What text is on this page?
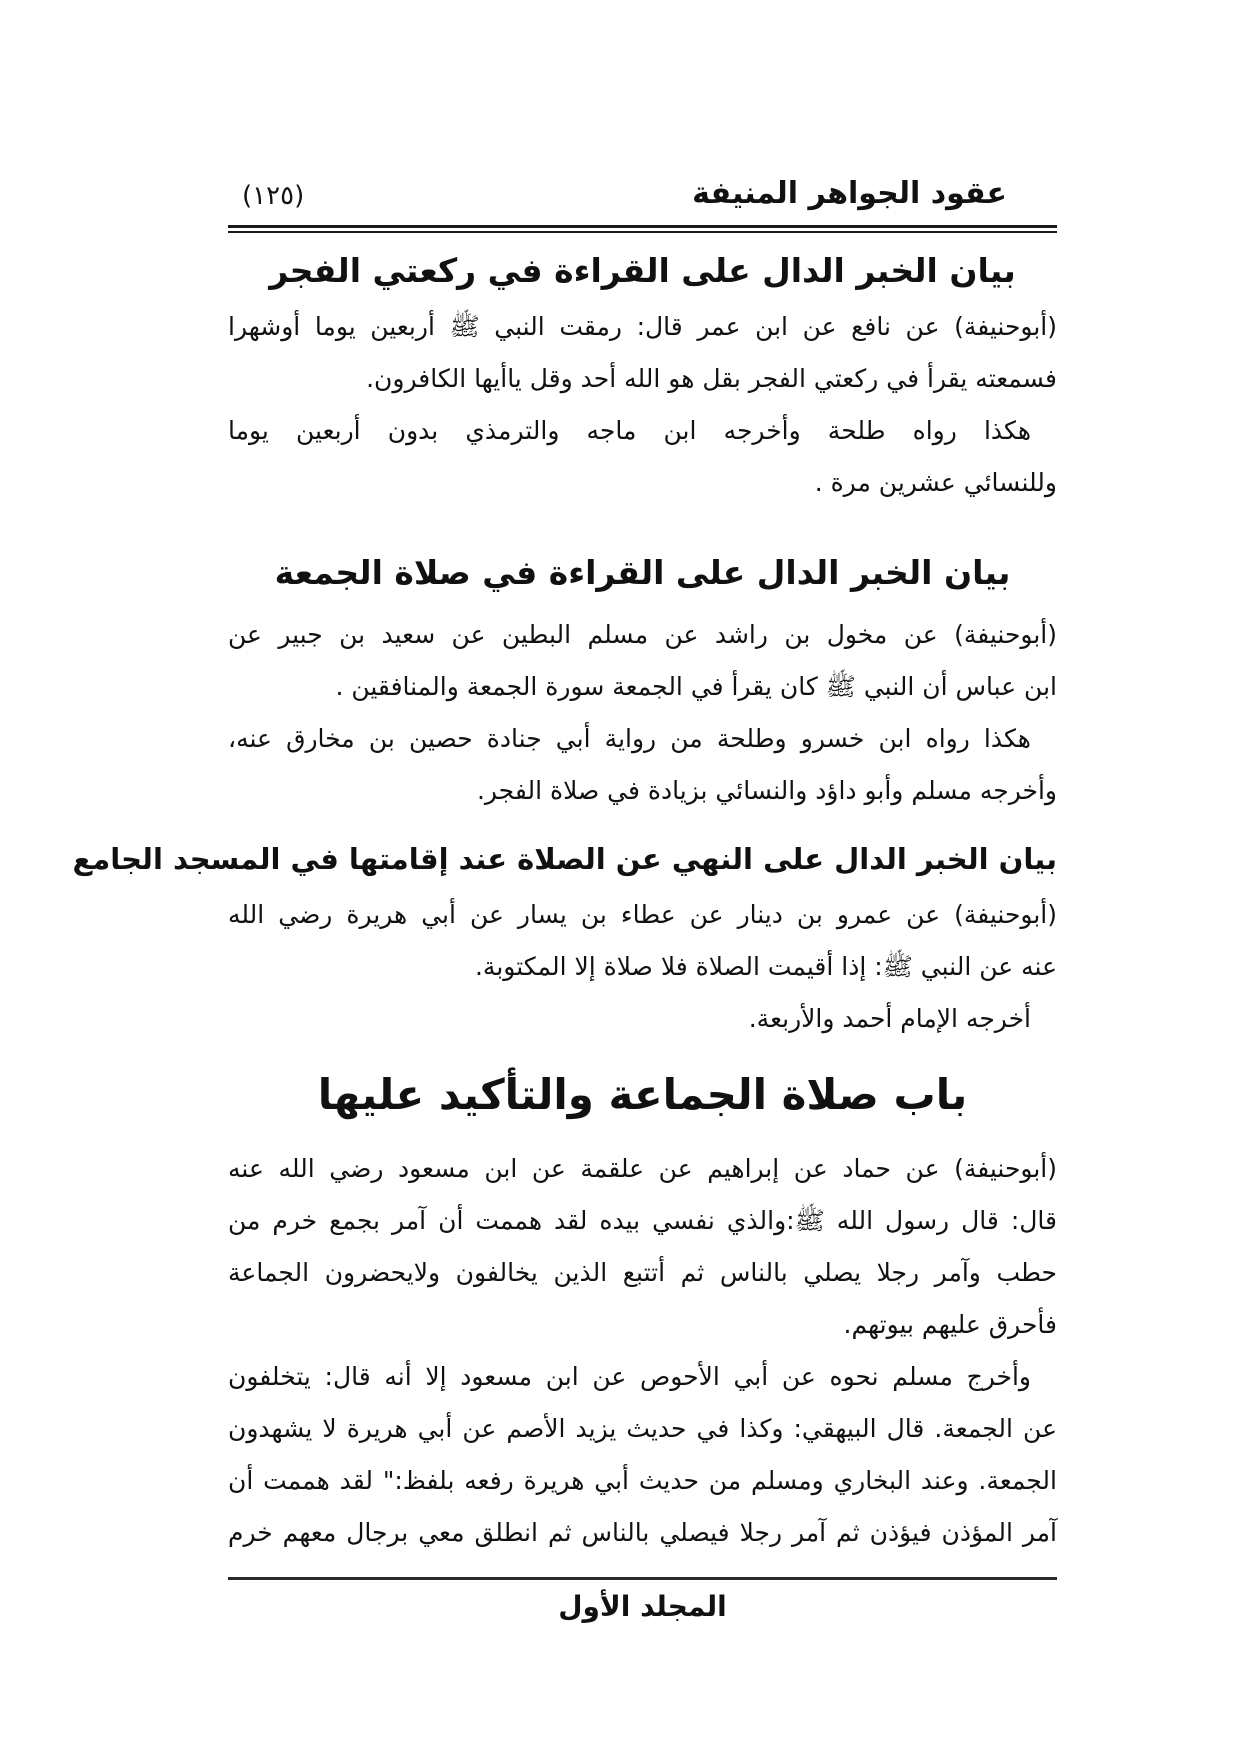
(١٢٥)	عقود الجواهر المنيفة
بيان الخبر الدال على القراءة في ركعتي الفجر
(أبوحنيفة) عن نافع عن ابن عمر قال: رمقت النبي ﷺ أربعين يوما أوشهرا
فسمعته يقرأ في ركعتي الفجر بقل هو الله أحد وقل ياأيها الكافرون.
هكذا رواه طلحة وأخرجه ابن ماجه والترمذي بدون أربعين يوما
وللنسائي عشرين مرة .
بيان الخبر الدال على القراءة في صلاة الجمعة
(أبوحنيفة) عن مخول بن راشد عن مسلم البطين عن سعيد بن جبير عن
ابن عباس أن النبي ﷺ كان يقرأ في الجمعة سورة الجمعة والمنافقين .
هكذا رواه ابن خسرو وطلحة من رواية أبي جنادة حصين بن مخارق عنه،
وأخرجه مسلم وأبو داؤد والنسائي بزيادة في صلاة الفجر.
بيان الخبر الدال على النهي عن الصلاة عند إقامتها في المسجد الجامع
(أبوحنيفة) عن عمرو بن دينار عن عطاء بن يسار عن أبي هريرة رضي الله
عنه عن النبي ﷺ: إذا أقيمت الصلاة فلا صلاة إلا المكتوبة.
أخرجه الإمام أحمد والأربعة.
باب صلاة الجماعة والتأكيد عليها
(أبوحنيفة) عن حماد عن إبراهيم عن علقمة عن ابن مسعود رضي الله عنه
قال: قال رسول الله ﷺ:والذي نفسي بيده لقد هممت أن آمر بجمع خرم من
حطب وآمر رجلا يصلي بالناس ثم أتتبع الذين يخالفون ولايحضرون الجماعة
فأحرق عليهم بيوتهم.
وأخرج مسلم نحوه عن أبي الأحوص عن ابن مسعود إلا أنه قال: يتخلفون
عن الجمعة. قال البيهقي: وكذا في حديث يزيد الأصم عن أبي هريرة لا يشهدون
الجمعة. وعند البخاري ومسلم من حديث أبي هريرة رفعه بلفظ:" لقد هممت أن
آمر المؤذن فيؤذن ثم آمر رجلا فيصلي بالناس ثم انطلق معي برجال معهم خرم
المجلد الأول
